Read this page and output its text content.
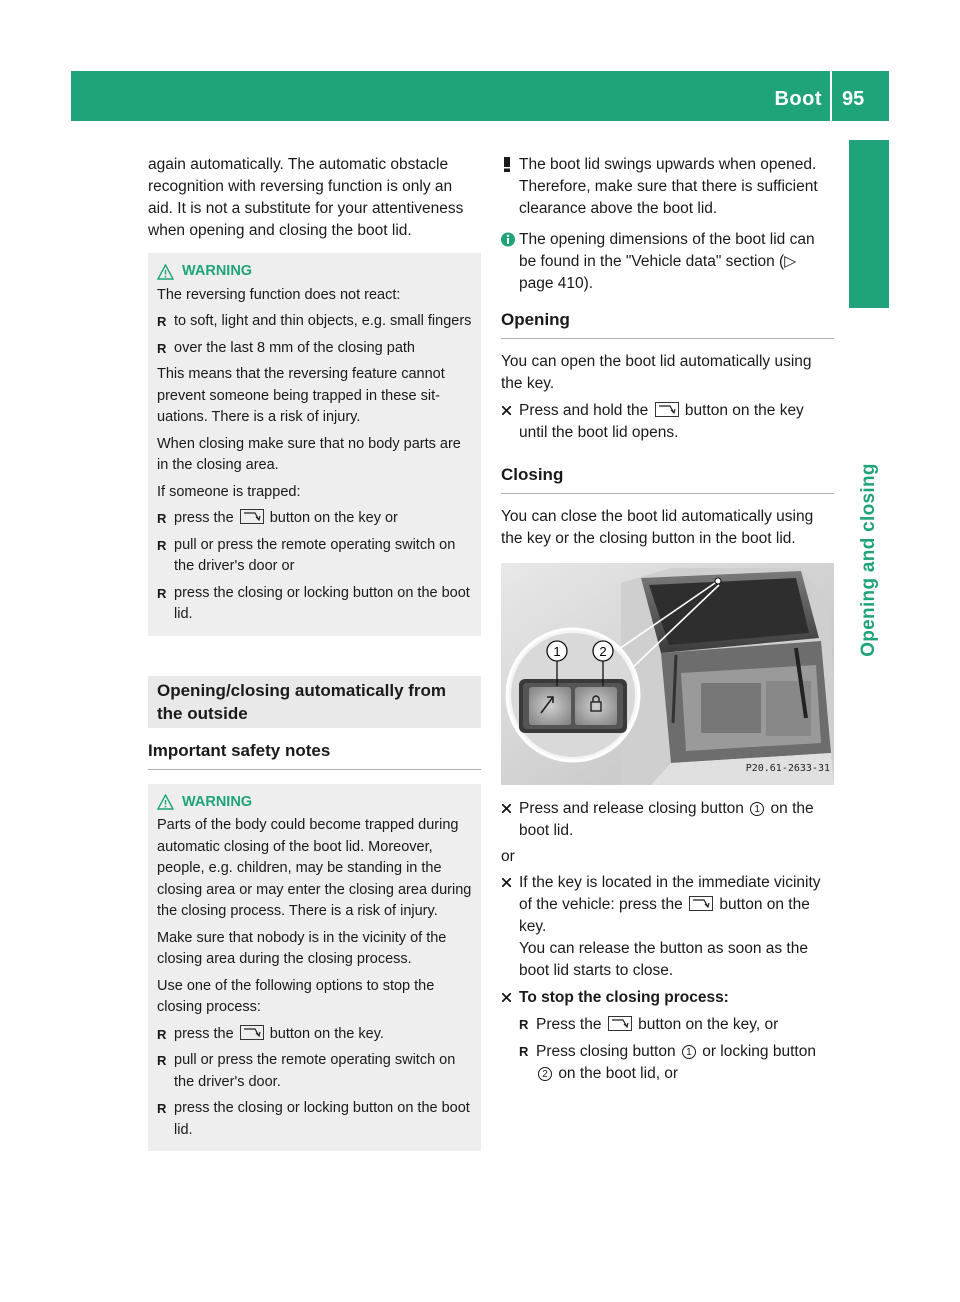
Boot 95
Opening and closing

again automatically. The automatic obstacle recognition with reversing function is only an aid. It is not a substitute for your attentiveness when opening and closing the boot lid.

WARNING

The reversing function does not react:

R to soft, light and thin objects, e.g. small fingers
R over the last 8 mm of the closing path

This means that the reversing feature cannot prevent someone being trapped in these situations. There is a risk of injury.

When closing make sure that no body parts are in the closing area.

If someone is trapped:

R press the button on the key or
R pull or press the remote operating switch on the driver's door or
R press the closing or locking button on the boot lid.
Opening/closing automatically from the outside
Important safety notes
WARNING

Parts of the body could become trapped during automatic closing of the boot lid. Moreover, people, e.g. children, may be standing in the closing area or may enter the closing area during the closing process. There is a risk of injury.

Make sure that nobody is in the vicinity of the closing area during the closing process.

Use one of the following options to stop the closing process:

R press the button on the key.
R pull or press the remote operating switch on the driver's door.
R press the closing or locking button on the boot lid.
The boot lid swings upwards when opened. Therefore, make sure that there is sufficient clearance above the boot lid.
The opening dimensions of the boot lid can be found in the "Vehicle data" section (▷ page 410).
Opening

You can open the boot lid automatically using the key.

Press and hold the button on the key until the boot lid opens.
Closing

You can close the boot lid automatically using the key or the closing button in the boot lid.

1	2
P20.61-2633-31
Press and release closing button 1 on the boot lid.

or

If the key is located in the immediate vicinity of the vehicle: press the button on the key.
You can release the button as soon as the boot lid starts to close.
To stop the closing process:
R Press the button on the key, or
R Press closing button 1 or locking button 2 on the boot lid, or
